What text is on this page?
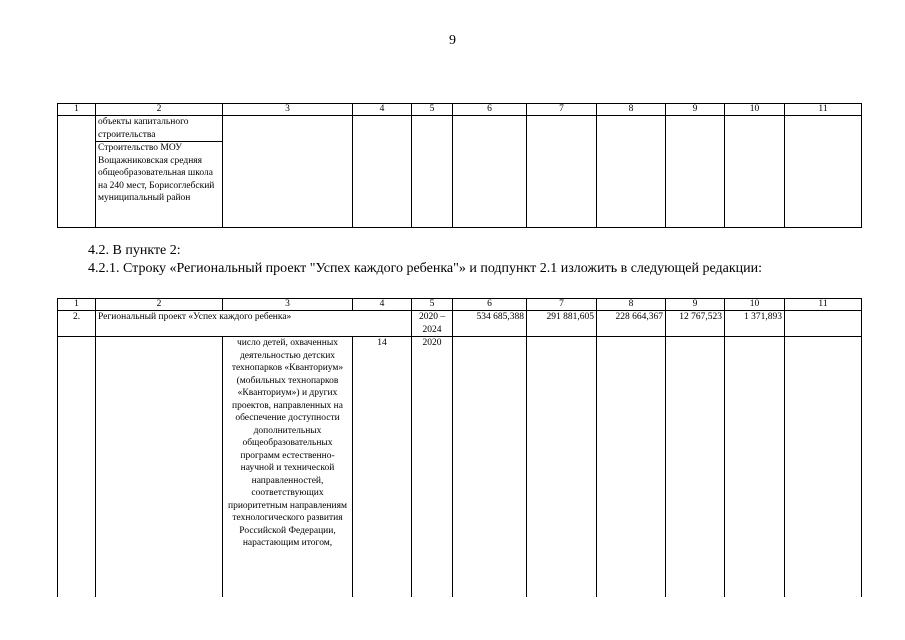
9
1	2	3	4	5	6	7	8	9	10	11
	объекты капитального строительства									
	Строительство МОУ Вощажниковская средняя общеобразовательная школа на 240 мест, Борисоглебский муниципальный район									
4.2. В пункте 2:
4.2.1. Строку «Региональный проект "Успех каждого ребенка"» и подпункт 2.1 изложить в следующей редакции:
1	2	3	4	5	6	7	8	9	10	11
2.	Региональный проект «Успех каждого ребенка»			2020 – 2024	534 685,388	291 881,605	228 664,367	12 767,523	1 371,893	
		число детей, охваченных деятельностью детских технопарков «Кванториум» (мобильных технопарков «Кванториум») и других проектов, направленных на обеспечение доступности дополнительных общеобразовательных программ естественно-научной и технической направленностей, соответствующих приоритетным направлениям технологического развития Российской Федерации, нарастающим итогом,	14	2020						
